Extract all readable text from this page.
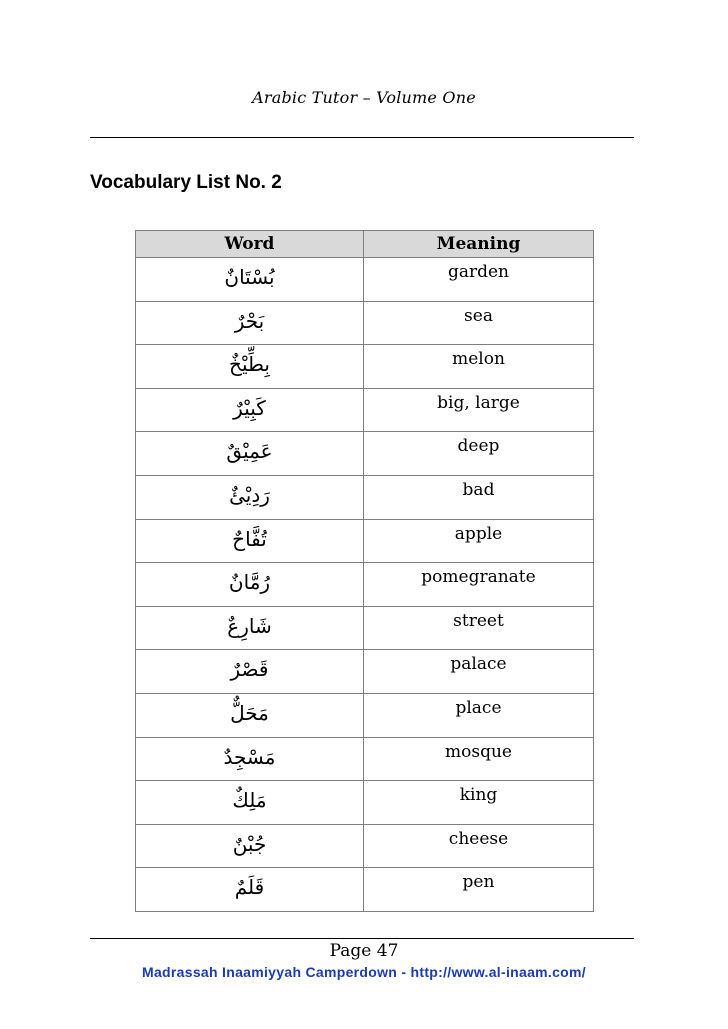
Arabic Tutor – Volume One
Vocabulary List No. 2
Word	Meaning
بُسْتَانٌ	garden
بَحْرٌ	sea
بِطِّيْخٌ	melon
كَبِيْرٌ	big, large
عَمِيْقٌ	deep
رَدِيْئٌ	bad
تُفَّاحٌ	apple
رُمَّانٌ	pomegranate
شَارِعٌ	street
قَصْرٌ	palace
مَحَلٌّ	place
مَسْجِدٌ	mosque
مَلِكٌ	king
جُبْنٌ	cheese
قَلَمٌ	pen
Page 47
Madrassah Inaamiyyah Camperdown - http://www.al-inaam.com/
